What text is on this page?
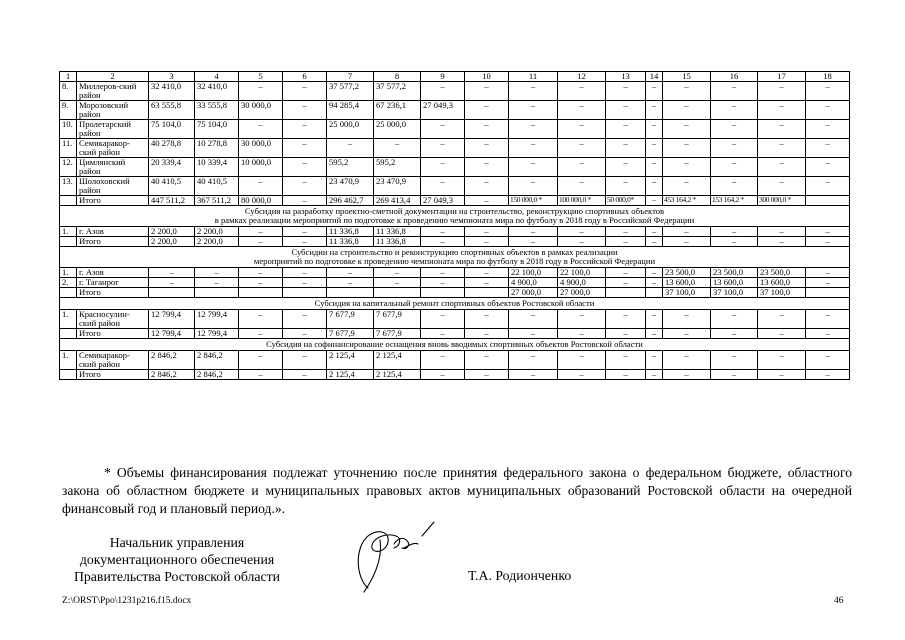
1	2	3	4	5	6	7	8	9	10	11	12	13	14	15	16	17	18
8.	Миллеров-ский район	32 410,0	32 410,0	–	–	37 577,2	37 577,2	–	–	–	–	–	–	–	–	–	–
9.	Морозовский район	63 555,8	33 555,8	30 000,0	–	94 285,4	67 236,1	27 049,3	–	–	–	–	–	–	–	–	–
10.	Пролетарский район	75 104,0	75 104,0	–	–	25 000,0	25 000,0	–	–	–	–	–	–	–	–	–	–
11.	Семикаракор-ский район	40 278,8	10 278,8	30 000,0	–	–	–	–	–	–	–	–	–	–	–	–	–
12.	Цимлянский район	20 339,4	10 339,4	10 000,0	–	595,2	595,2	–	–	–	–	–	–	–	–	–	–
13.	Шолоховский район	40 410,5	40 410,5	–	–	23 470,9	23 470,9	–	–	–	–	–	–	–	–	–	–
	Итого	447 511,2	367 511,2	80 000,0	–	296 462,7	269 413,4	27 049,3	–	150 000,0 *	100 000,0 *	50 000,0*	–	453 164,2 *	153 164,2 *	300 000,0 *	

Субсидия на разработку проектно-сметной документации на строительство, реконструкцию спортивных объектов
в рамках реализации мероприятий по подготовке к проведению чемпионата мира по футболу в 2018 году в Российской Федерации																	

1.	г. Азов	2 200,0	2 200,0	–	–	11 336,8	11 336,8	–	–	–	–	–	–	–	–	–	–
	Итого	2 200,0	2 200,0	–	–	11 336,8	11 336,8	–	–	–	–	–	–	–	–	–	–

Субсидии на строительство и реконструкцию спортивных объектов в рамках реализации
мероприятий по подготовке к проведению чемпионата мира по футболу в 2018 году в Российской Федерации																	

1.	г. Азов	–	–	–	–	–	–	–	–	22 100,0	22 100,0	–	–	23 500,0	23 500,0	23 500,0	–
2.	г. Таганрог	–	–	–	–	–	–	–	–	4 900,0	4 900,0	–	–	13 600,0	13 600,0	13 600,0	–
	Итого									27 000,0	27 000,0			37 100,0	37 100,0	37 100,0	

Субсидия на капитальный ремонт спортивных объектов Ростовской области																	

1.	Красносулин-ский район	12 799,4	12 799,4	–	–	7 677,9	7 677,9	–	–	–	–	–	–	–	–	–	–
	Итого	12 799,4	12 799,4	–	–	7 677,9	7 677,9	–	–	–	–	–	–	–	–	–	–

Субсидия на софинансирование оснащения вновь вводимых спортивных объектов Ростовской области																	

1.	Семикаракор-ский район	2 846,2	2 846,2	–	–	2 125,4	2 125,4	–	–	–	–	–	–	–	–	–	–
	Итого	2 846,2	2 846,2	–	–	2 125,4	2 125,4	–	–	–	–	–	–	–	–	–	–

* Объемы финансирования подлежат уточнению после принятия федерального закона о федеральном бюджете, областного закона об областном бюджете и муниципальных правовых актов муниципальных образований Ростовской области на очередной финансовый год и плановый период.».

Начальник управления
документационного обеспечения
Правительства Ростовской области	Т.А. Родионченко
Z:\ORST\Ppo\1231p216.f15.docx	46
